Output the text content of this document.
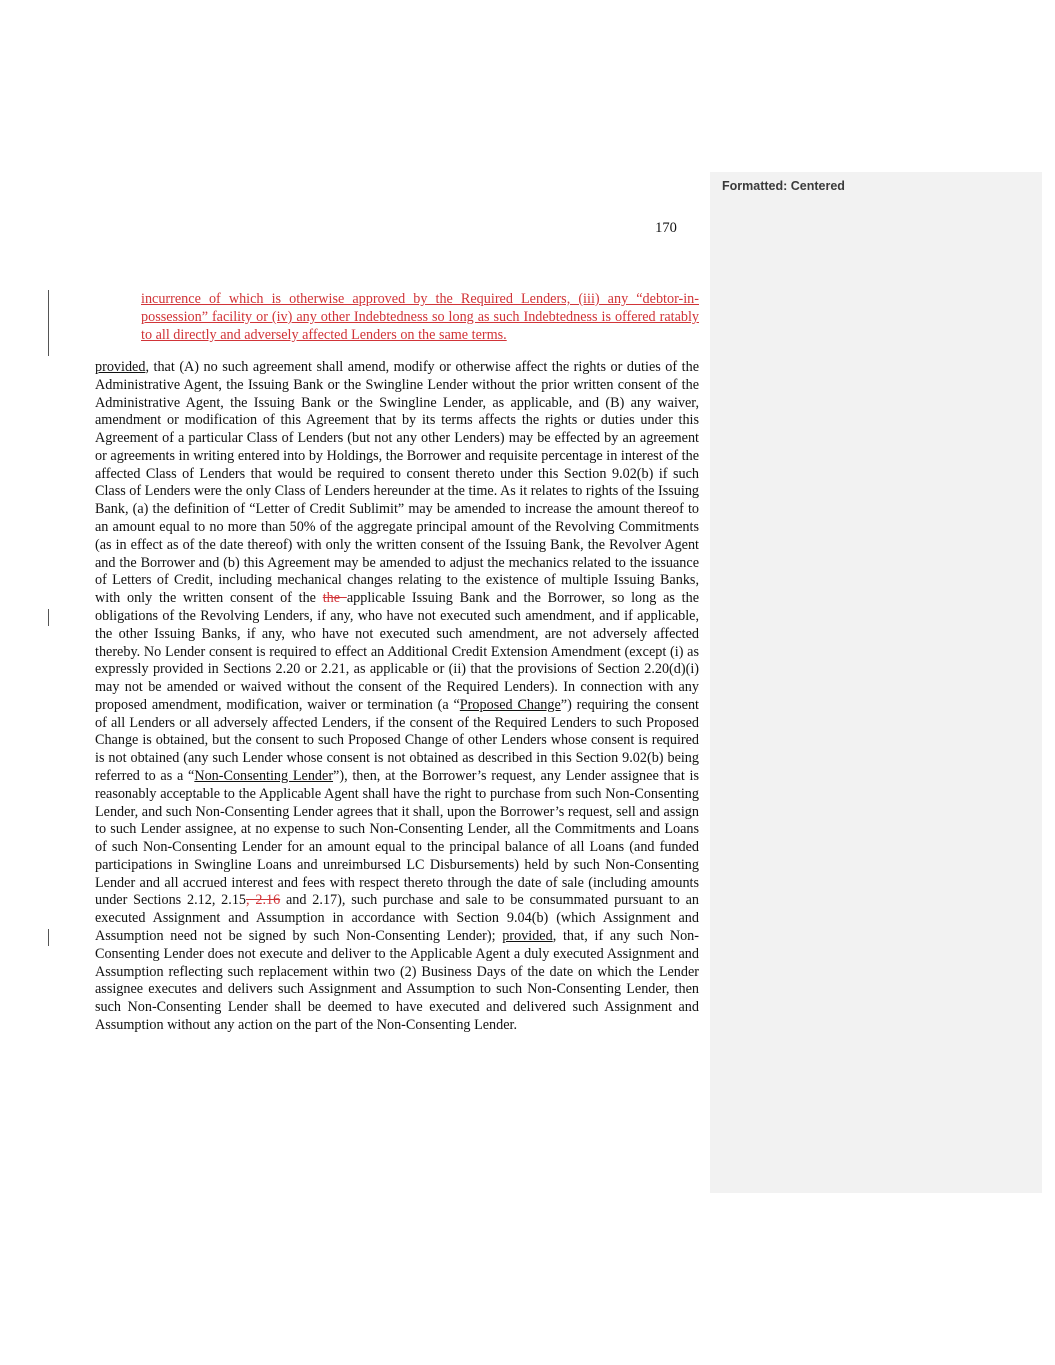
Formatted: Centered
170
incurrence of which is otherwise approved by the Required Lenders, (iii) any “debtor-in-possession” facility or (iv) any other Indebtedness so long as such Indebtedness is offered ratably to all directly and adversely affected Lenders on the same terms.
provided, that (A) no such agreement shall amend, modify or otherwise affect the rights or duties of the Administrative Agent, the Issuing Bank or the Swingline Lender without the prior written consent of the Administrative Agent, the Issuing Bank or the Swingline Lender, as applicable, and (B) any waiver, amendment or modification of this Agreement that by its terms affects the rights or duties under this Agreement of a particular Class of Lenders (but not any other Lenders) may be effected by an agreement or agreements in writing entered into by Holdings, the Borrower and requisite percentage in interest of the affected Class of Lenders that would be required to consent thereto under this Section 9.02(b) if such Class of Lenders were the only Class of Lenders hereunder at the time. As it relates to rights of the Issuing Bank, (a) the definition of “Letter of Credit Sublimit” may be amended to increase the amount thereof to an amount equal to no more than 50% of the aggregate principal amount of the Revolving Commitments (as in effect as of the date thereof) with only the written consent of the Issuing Bank, the Revolver Agent and the Borrower and (b) this Agreement may be amended to adjust the mechanics related to the issuance of Letters of Credit, including mechanical changes relating to the existence of multiple Issuing Banks, with only the written consent of the the applicable Issuing Bank and the Borrower, so long as the obligations of the Revolving Lenders, if any, who have not executed such amendment, and if applicable, the other Issuing Banks, if any, who have not executed such amendment, are not adversely affected thereby. No Lender consent is required to effect an Additional Credit Extension Amendment (except (i) as expressly provided in Sections 2.20 or 2.21, as applicable or (ii) that the provisions of Section 2.20(d)(i) may not be amended or waived without the consent of the Required Lenders). In connection with any proposed amendment, modification, waiver or termination (a “Proposed Change”) requiring the consent of all Lenders or all adversely affected Lenders, if the consent of the Required Lenders to such Proposed Change is obtained, but the consent to such Proposed Change of other Lenders whose consent is required is not obtained (any such Lender whose consent is not obtained as described in this Section 9.02(b) being referred to as a “Non-Consenting Lender”), then, at the Borrower’s request, any Lender assignee that is reasonably acceptable to the Applicable Agent shall have the right to purchase from such Non-Consenting Lender, and such Non-Consenting Lender agrees that it shall, upon the Borrower’s request, sell and assign to such Lender assignee, at no expense to such Non-Consenting Lender, all the Commitments and Loans of such Non-Consenting Lender for an amount equal to the principal balance of all Loans (and funded participations in Swingline Loans and unreimbursed LC Disbursements) held by such Non-Consenting Lender and all accrued interest and fees with respect thereto through the date of sale (including amounts under Sections 2.12, 2.15, 2.16 and 2.17), such purchase and sale to be consummated pursuant to an executed Assignment and Assumption in accordance with Section 9.04(b) (which Assignment and Assumption need not be signed by such Non-Consenting Lender); provided, that, if any such Non-Consenting Lender does not execute and deliver to the Applicable Agent a duly executed Assignment and Assumption reflecting such replacement within two (2) Business Days of the date on which the Lender assignee executes and delivers such Assignment and Assumption to such Non-Consenting Lender, then such Non-Consenting Lender shall be deemed to have executed and delivered such Assignment and Assumption without any action on the part of the Non-Consenting Lender.
